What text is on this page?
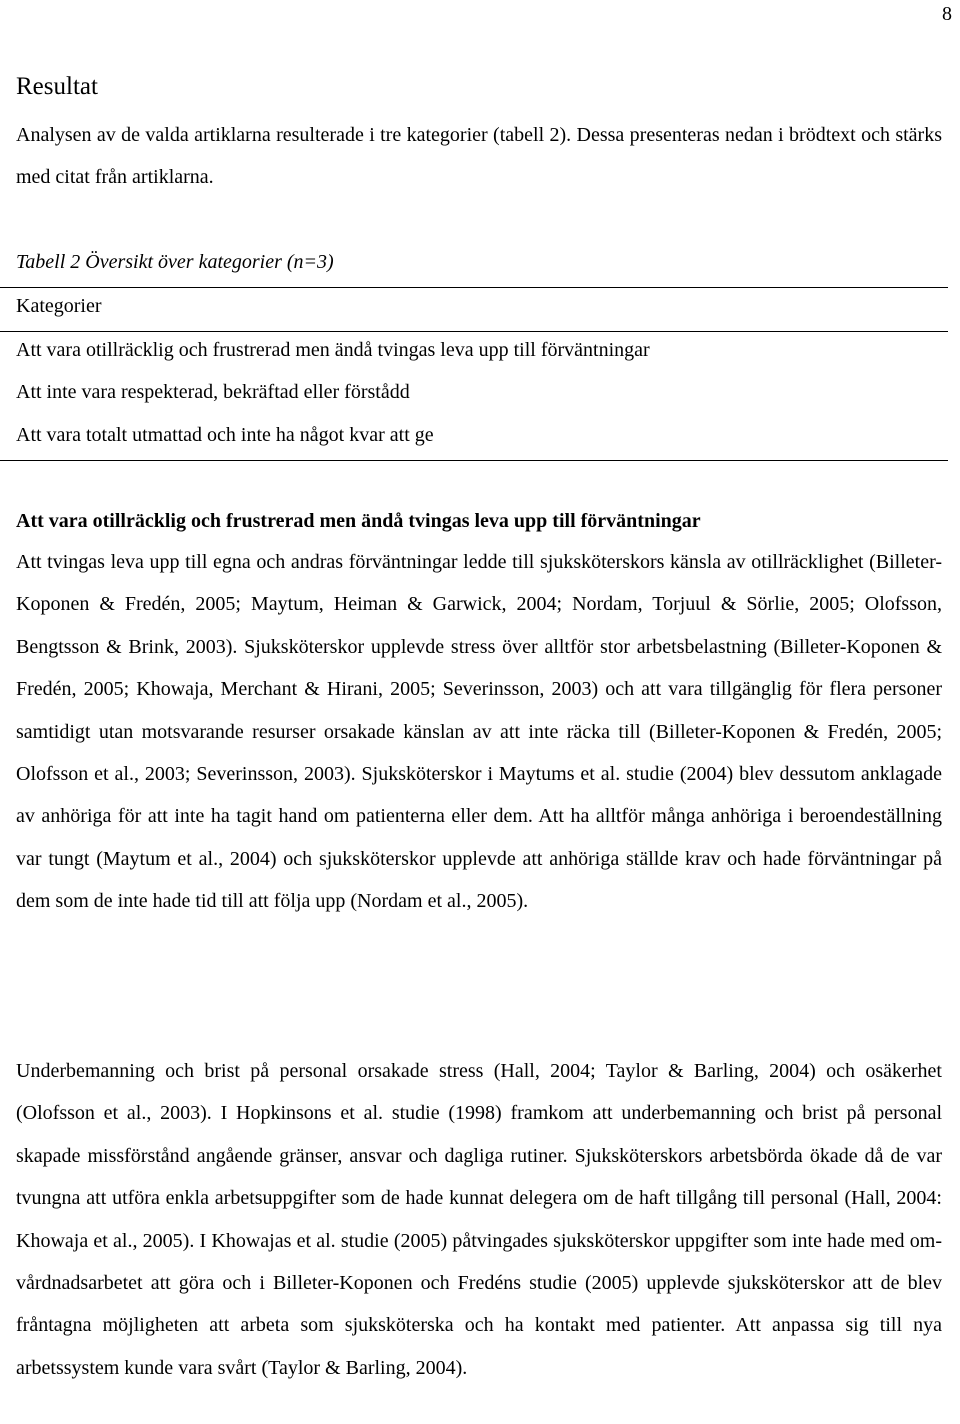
8
Resultat

Analysen av de valda artiklarna resulterade i tre kategorier (tabell 2). Dessa presenteras nedan i brödtext och stärks med citat från artiklarna.

Tabell 2 Översikt över kategorier (n=3)

Kategorier

Att vara otillräcklig och frustrerad men ändå tvingas leva upp till förväntningar

Att inte vara respekterad, bekräftad eller förstådd

Att vara totalt utmattad och inte ha något kvar att ge

Att vara otillräcklig och frustrerad men ändå tvingas leva upp till förväntningar

Att tvingas leva upp till egna och andras förväntningar ledde till sjuksköterskors känsla av otillräcklighet (Billeter-Koponen & Fredén, 2005; Maytum, Heiman & Garwick, 2004; Nordam, Torjuul & Sörlie, 2005; Olofsson, Bengtsson & Brink, 2003). Sjuksköterskor upplevde stress över alltför stor arbetsbelastning (Billeter-Koponen & Fredén, 2005; Khowaja, Merchant & Hirani, 2005; Severinsson, 2003) och att vara tillgänglig för flera personer samtidigt utan motsvarande resurser orsakade känslan av att inte räcka till (Billeter-Koponen & Fredén, 2005; Olofsson et al., 2003; Severinsson, 2003). Sjuksköterskor i Maytums et al. studie (2004) blev dessutom anklagade av anhöriga för att inte ha tagit hand om patienterna eller dem. Att ha alltför många anhöriga i beroendeställning var tungt (Maytum et al., 2004) och sjuksköterskor upplevde att anhöriga ställde krav och hade förväntningar på dem som de inte hade tid till att följa upp (Nordam et al., 2005).

Underbemanning och brist på personal orsakade stress (Hall, 2004; Taylor & Barling, 2004) och osäkerhet (Olofsson et al., 2003). I Hopkinsons et al. studie (1998) framkom att underbemanning och brist på personal skapade missförstånd angående gränser, ansvar och dagliga rutiner. Sjuksköterskors arbetsbörda ökade då de var tvungna att utföra enkla arbetsuppgifter som de hade kunnat delegera om de haft tillgång till personal (Hall, 2004: Khowaja et al., 2005). I Khowajas et al. studie (2005) påtvingades sjuksköterskor uppgifter som inte hade med omvårdnadsarbetet att göra och i Billeter-Koponen och Fredéns studie (2005) upplevde sjuksköterskor att de blev fråntagna möjligheten att arbeta som sjuksköterska och ha kontakt med patienter. Att anpassa sig till nya arbetssystem kunde vara svårt (Taylor & Barling, 2004).
